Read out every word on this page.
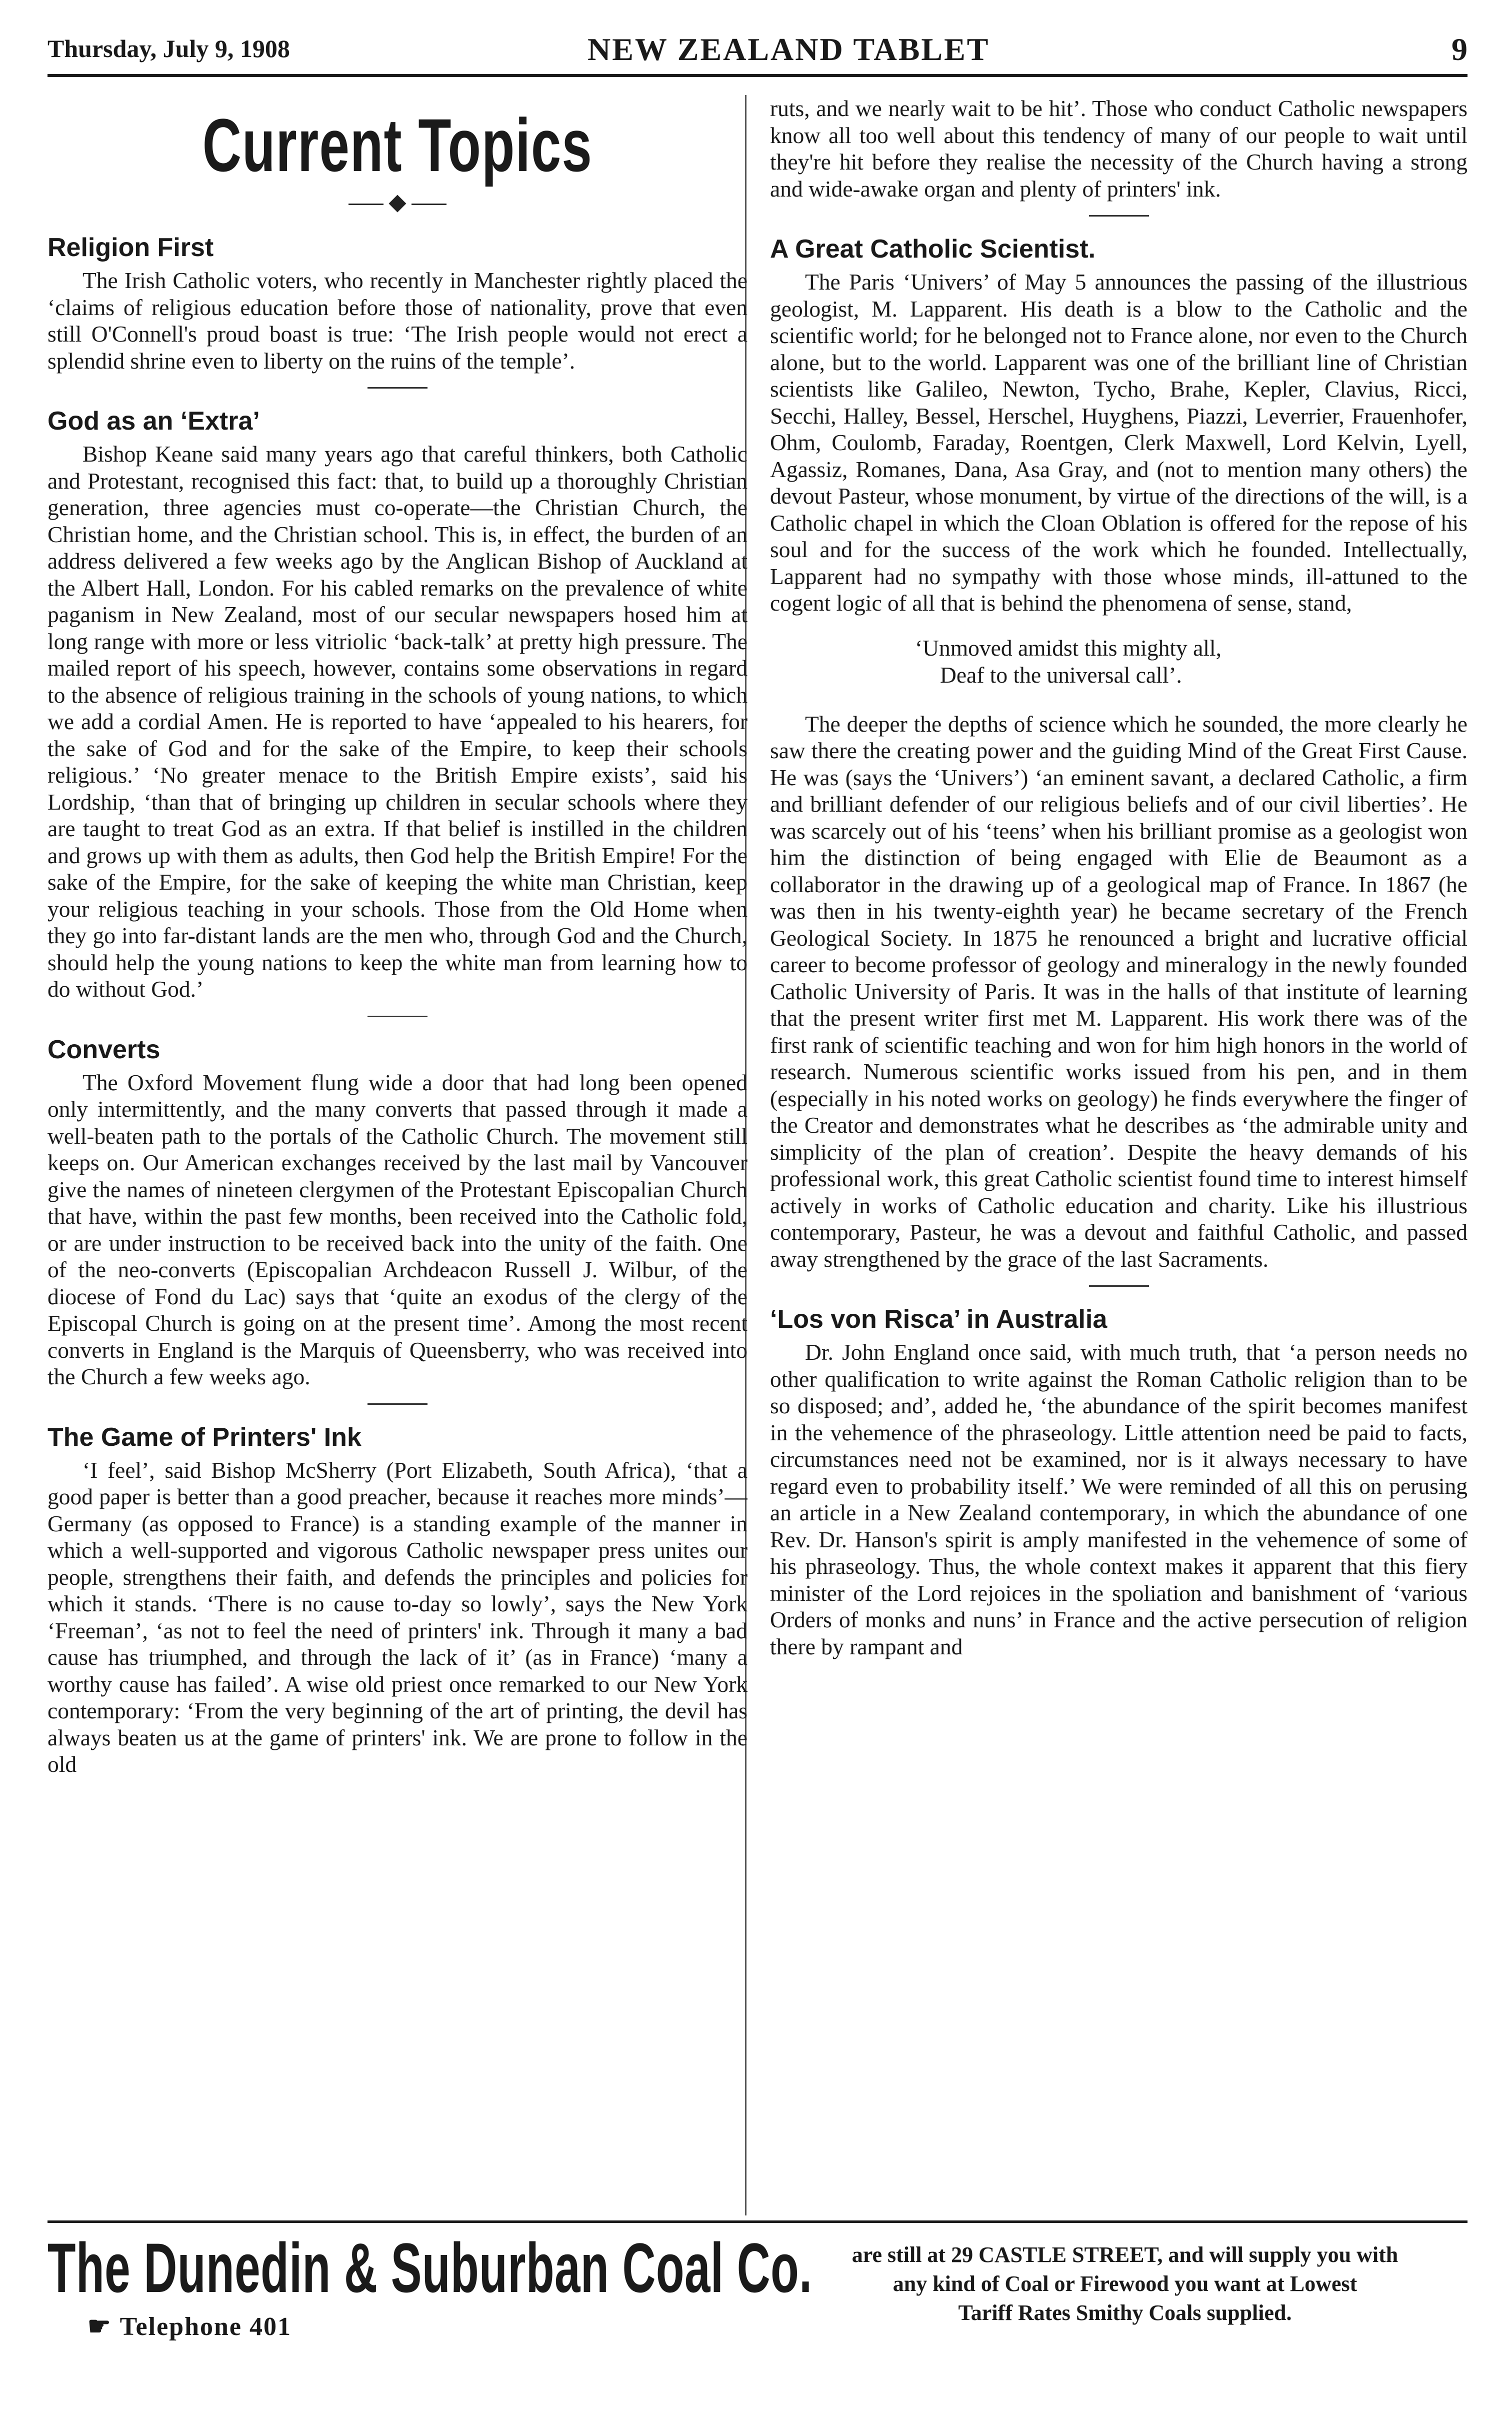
Thursday, July 9, 1908	NEW ZEALAND TABLET	9
Current Topics
◆
Religion First

The Irish Catholic voters, who recently in Manchester rightly placed the ‘claims of religious education before those of nationality, prove that even still O'Connell's proud boast is true: ‘The Irish people would not erect a splendid shrine even to liberty on the ruins of the temple’.

God as an ‘Extra’

Bishop Keane said many years ago that careful thinkers, both Catholic and Protestant, recognised this fact: that, to build up a thoroughly Christian generation, three agencies must co-operate—the Christian Church, the Christian home, and the Christian school. This is, in effect, the burden of an address delivered a few weeks ago by the Anglican Bishop of Auckland at the Albert Hall, London. For his cabled remarks on the prevalence of white paganism in New Zealand, most of our secular newspapers hosed him at long range with more or less vitriolic ‘back-talk’ at pretty high pressure. The mailed report of his speech, however, contains some observations in regard to the absence of religious training in the schools of young nations, to which we add a cordial Amen. He is reported to have ‘appealed to his hearers, for the sake of God and for the sake of the Empire, to keep their schools religious.’ ‘No greater menace to the British Empire exists’, said his Lordship, ‘than that of bringing up children in secular schools where they are taught to treat God as an extra. If that belief is instilled in the children and grows up with them as adults, then God help the British Empire! For the sake of the Empire, for the sake of keeping the white man Christian, keep your religious teaching in your schools. Those from the Old Home when they go into far-distant lands are the men who, through God and the Church, should help the young nations to keep the white man from learning how to do without God.’

Converts

The Oxford Movement flung wide a door that had long been opened only intermittently, and the many converts that passed through it made a well-beaten path to the portals of the Catholic Church. The movement still keeps on. Our American exchanges received by the last mail by Vancouver give the names of nineteen clergymen of the Protestant Episcopalian Church that have, within the past few months, been received into the Catholic fold, or are under instruction to be received back into the unity of the faith. One of the neo-converts (Episcopalian Archdeacon Russell J. Wilbur, of the diocese of Fond du Lac) says that ‘quite an exodus of the clergy of the Episcopal Church is going on at the present time’. Among the most recent converts in England is the Marquis of Queensberry, who was received into the Church a few weeks ago.

The Game of Printers' Ink

‘I feel’, said Bishop McSherry (Port Elizabeth, South Africa), ‘that a good paper is better than a good preacher, because it reaches more minds’—Germany (as opposed to France) is a standing example of the manner in which a well-supported and vigorous Catholic newspaper press unites our people, strengthens their faith, and defends the principles and policies for which it stands. ‘There is no cause to-day so lowly’, says the New York ‘Freeman’, ‘as not to feel the need of printers' ink. Through it many a bad cause has triumphed, and through the lack of it’ (as in France) ‘many a worthy cause has failed’. A wise old priest once remarked to our New York contemporary: ‘From the very beginning of the art of printing, the devil has always beaten us at the game of printers' ink. We are prone to follow in the old

ruts, and we nearly wait to be hit’. Those who conduct Catholic newspapers know all too well about this tendency of many of our people to wait until they're hit before they realise the necessity of the Church having a strong and wide-awake organ and plenty of printers' ink.

A Great Catholic Scientist.

The Paris ‘Univers’ of May 5 announces the passing of the illustrious geologist, M. Lapparent. His death is a blow to the Catholic and the scientific world; for he belonged not to France alone, nor even to the Church alone, but to the world. Lapparent was one of the brilliant line of Christian scientists like Galileo, Newton, Tycho, Brahe, Kepler, Clavius, Ricci, Secchi, Halley, Bessel, Herschel, Huyghens, Piazzi, Leverrier, Frauenhofer, Ohm, Coulomb, Faraday, Roentgen, Clerk Maxwell, Lord Kelvin, Lyell, Agassiz, Romanes, Dana, Asa Gray, and (not to mention many others) the devout Pasteur, whose monument, by virtue of the directions of the will, is a Catholic chapel in which the Cloan Oblation is offered for the repose of his soul and for the success of the work which he founded. Intellectually, Lapparent had no sympathy with those whose minds, ill-attuned to the cogent logic of all that is behind the phenomena of sense, stand,

‘Unmoved amidst this mighty all,
Deaf to the universal call’.

The deeper the depths of science which he sounded, the more clearly he saw there the creating power and the guiding Mind of the Great First Cause. He was (says the ‘Univers’) ‘an eminent savant, a declared Catholic, a firm and brilliant defender of our religious beliefs and of our civil liberties’. He was scarcely out of his ‘teens’ when his brilliant promise as a geologist won him the distinction of being engaged with Elie de Beaumont as a collaborator in the drawing up of a geological map of France. In 1867 (he was then in his twenty-eighth year) he became secretary of the French Geological Society. In 1875 he renounced a bright and lucrative official career to become professor of geology and mineralogy in the newly founded Catholic University of Paris. It was in the halls of that institute of learning that the present writer first met M. Lapparent. His work there was of the first rank of scientific teaching and won for him high honors in the world of research. Numerous scientific works issued from his pen, and in them (especially in his noted works on geology) he finds everywhere the finger of the Creator and demonstrates what he describes as ‘the admirable unity and simplicity of the plan of creation’. Despite the heavy demands of his professional work, this great Catholic scientist found time to interest himself actively in works of Catholic education and charity. Like his illustrious contemporary, Pasteur, he was a devout and faithful Catholic, and passed away strengthened by the grace of the last Sacraments.

‘Los von Risca’ in Australia

Dr. John England once said, with much truth, that ‘a person needs no other qualification to write against the Roman Catholic religion than to be so disposed; and’, added he, ‘the abundance of the spirit becomes manifest in the vehemence of the phraseology. Little attention need be paid to facts, circumstances need not be examined, nor is it always necessary to have regard even to probability itself.’ We were reminded of all this on perusing an article in a New Zealand contemporary, in which the abundance of one Rev. Dr. Hanson's spirit is amply manifested in the vehemence of some of his phraseology. Thus, the whole context makes it apparent that this fiery minister of the Lord rejoices in the spoliation and banishment of ‘various Orders of monks and nuns’ in France and the active persecution of religion there by rampant and

The Dunedin & Suburban Coal Co.
☛ Telephone 401
are still at 29 CASTLE STREET, and will supply you with
any kind of Coal or Firewood you want at Lowest
Tariff Rates Smithy Coals supplied.
